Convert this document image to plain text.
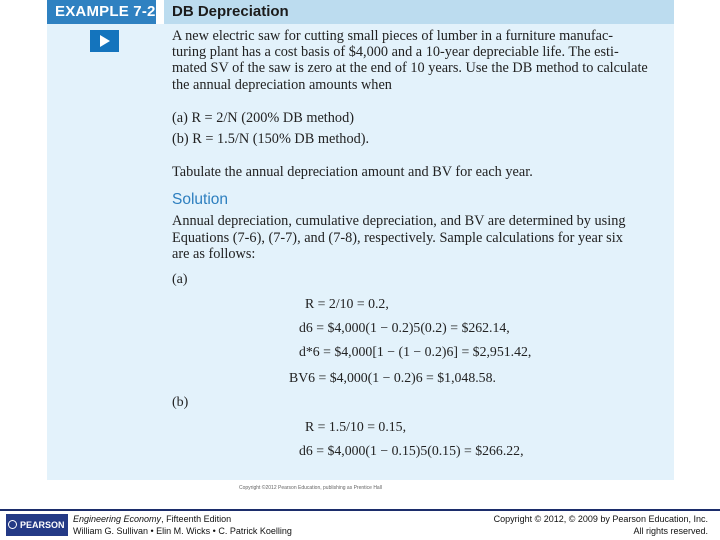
EXAMPLE 7-2 DB Depreciation
A new electric saw for cutting small pieces of lumber in a furniture manufac-
turing plant has a cost basis of $4,000 and a 10-year depreciable life. The esti-
mated SV of the saw is zero at the end of 10 years. Use the DB method to calculate
the annual depreciation amounts when
(a) R = 2/N (200% DB method)
(b) R = 1.5/N (150% DB method).
Tabulate the annual depreciation amount and BV for each year.
Solution
Annual depreciation, cumulative depreciation, and BV are determined by using
Equations (7-6), (7-7), and (7-8), respectively. Sample calculations for year six
are as follows:
(a)
R = 2/10 = 0.2,
d6 = $4,000(1 − 0.2)5(0.2) = $262.14,
d*6 = $4,000[1 − (1 − 0.2)6] = $2,951.42,
BV6 = $4,000(1 − 0.2)6 = $1,048.58.
(b)
R = 1.5/10 = 0.15,
d6 = $4,000(1 − 0.15)5(0.15) = $266.22,
Copyright ©2012 Pearson Education, publishing as Prentice Hall
PEARSON
Engineering Economy, Fifteenth Edition
William G. Sullivan • Elin M. Wicks • C. Patrick Koelling
Copyright © 2012, © 2009 by Pearson Education, Inc.
All rights reserved.
